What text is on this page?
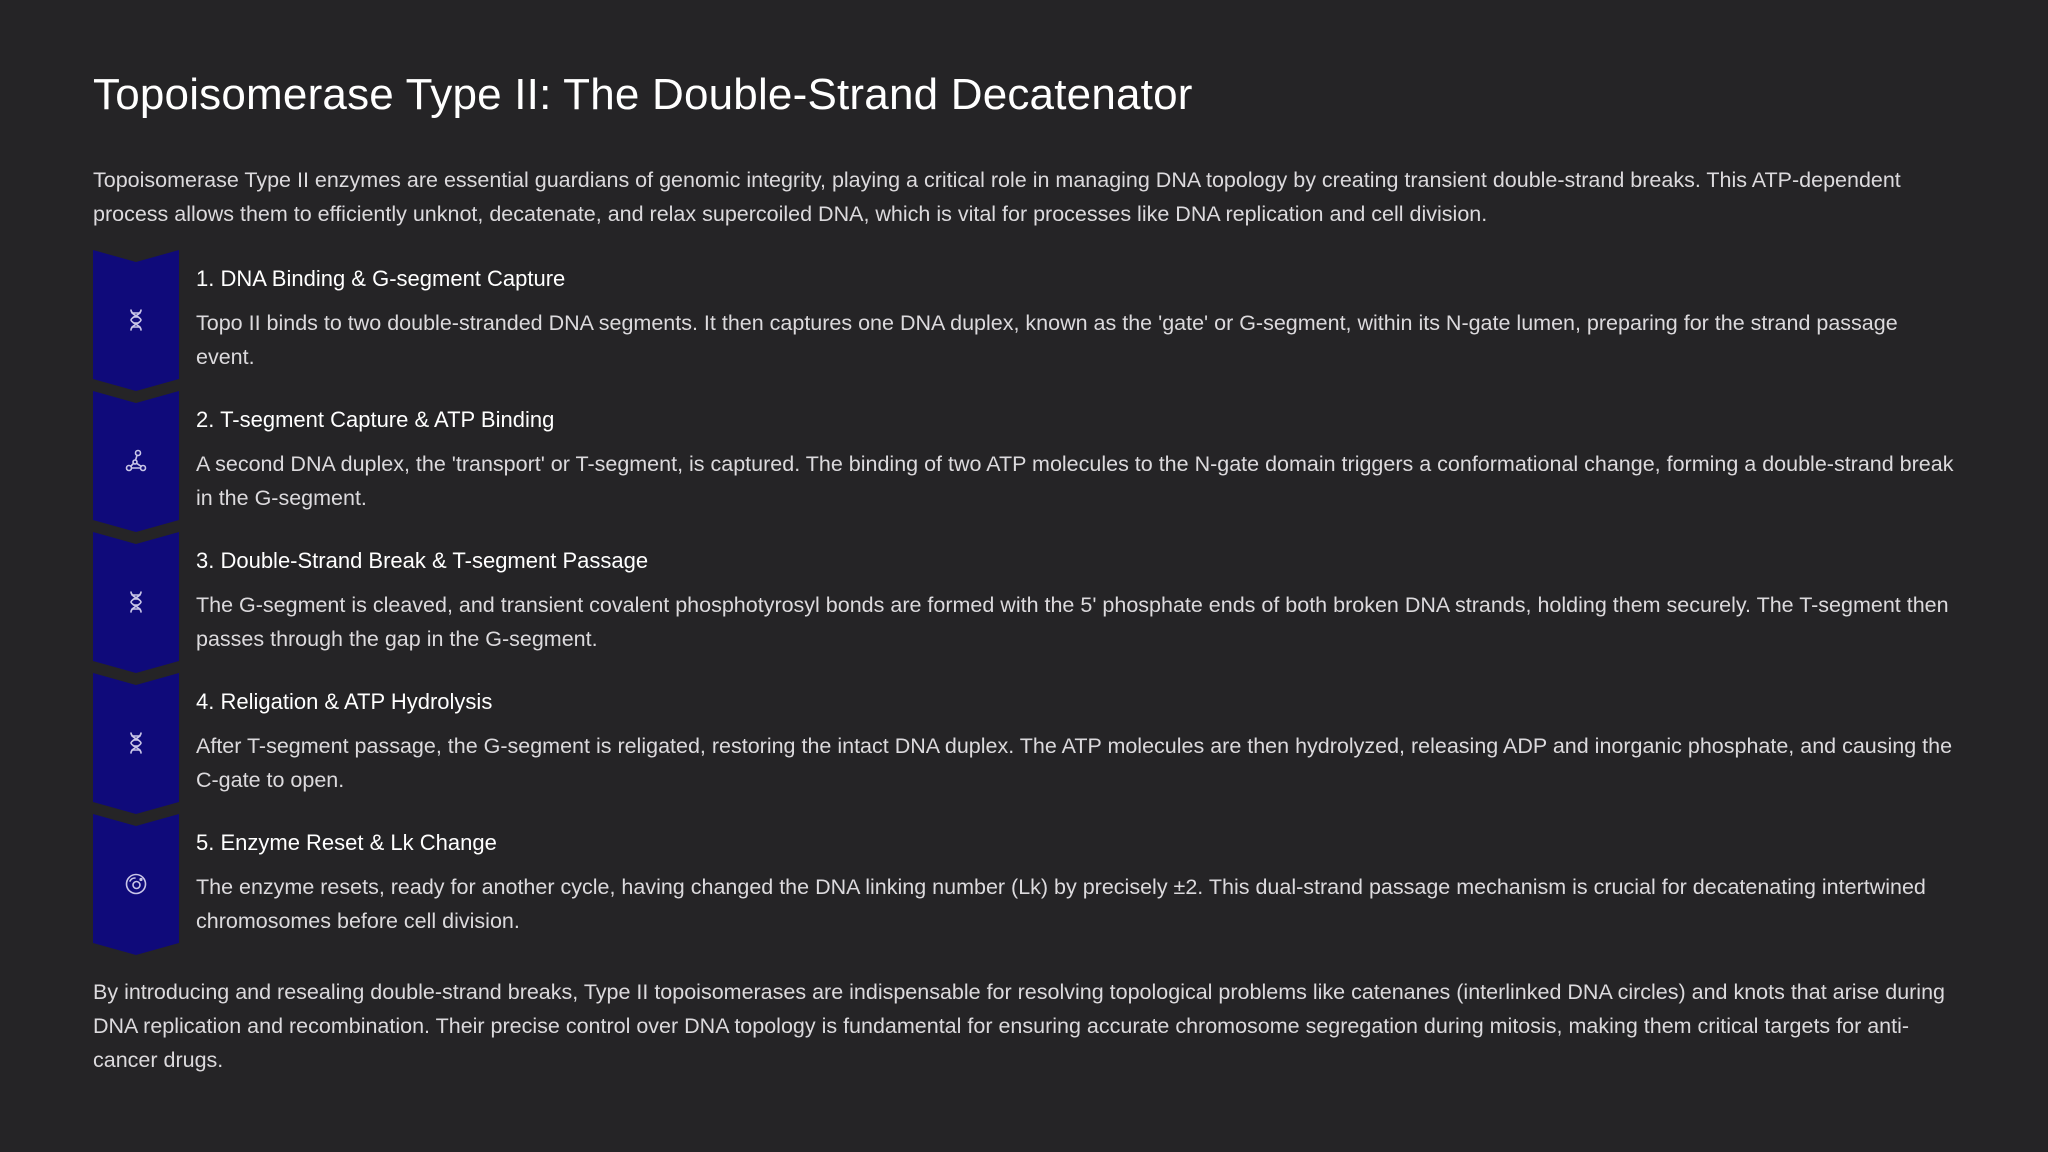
Topoisomerase Type II: The Double-Strand Decatenator

Topoisomerase Type II enzymes are essential guardians of genomic integrity, playing a critical role in managing DNA topology by creating transient double-strand breaks. This ATP-dependent process allows them to efficiently unknot, decatenate, and relax supercoiled DNA, which is vital for processes like DNA replication and cell division.

1. DNA Binding & G-segment Capture

Topo II binds to two double-stranded DNA segments. It then captures one DNA duplex, known as the 'gate' or G-segment, within its N-gate lumen, preparing for the strand passage event.

2. T-segment Capture & ATP Binding

A second DNA duplex, the 'transport' or T-segment, is captured. The binding of two ATP molecules to the N-gate domain triggers a conformational change, forming a double-strand break in the G-segment.

3. Double-Strand Break & T-segment Passage

The G-segment is cleaved, and transient covalent phosphotyrosyl bonds are formed with the 5' phosphate ends of both broken DNA strands, holding them securely. The T-segment then passes through the gap in the G-segment.

4. Religation & ATP Hydrolysis

After T-segment passage, the G-segment is religated, restoring the intact DNA duplex. The ATP molecules are then hydrolyzed, releasing ADP and inorganic phosphate, and causing the C-gate to open.

5. Enzyme Reset & Lk Change

The enzyme resets, ready for another cycle, having changed the DNA linking number (Lk) by precisely ±2. This dual-strand passage mechanism is crucial for decatenating intertwined chromosomes before cell division.

By introducing and resealing double-strand breaks, Type II topoisomerases are indispensable for resolving topological problems like catenanes (interlinked DNA circles) and knots that arise during DNA replication and recombination. Their precise control over DNA topology is fundamental for ensuring accurate chromosome segregation during mitosis, making them critical targets for anti-cancer drugs.
